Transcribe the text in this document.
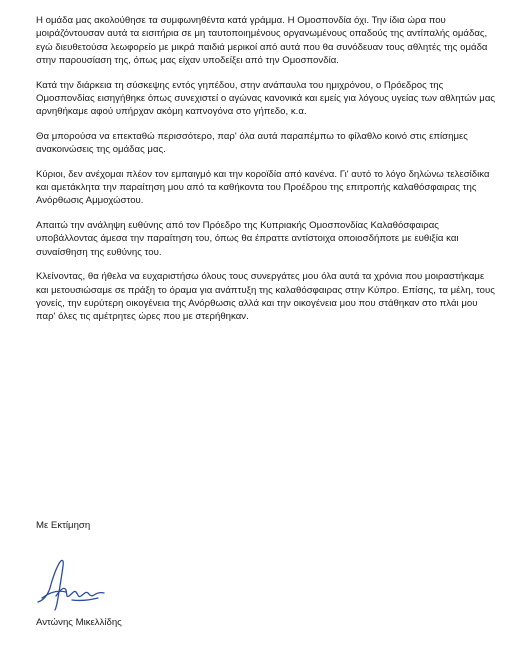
Η ομάδα μας ακολούθησε τα συμφωνηθέντα κατά γράμμα. Η Ομοσπονδία όχι. Την ίδια ώρα που μοιράζόντουσαν αυτά τα εισιτήρια σε μη ταυτοποιημένους οργανωμένους οπαδούς της αντίπαλής ομάδας, εγώ διευθετούσα λεωφορείο με μικρά παιδιά μερικοί από αυτά που θα συνόδευαν τους αθλητές της ομάδα στην παρουσίαση της, όπως μας είχαν υποδείξει από την Ομοσπονδία.

Κατά την διάρκεια τη σύσκεψης εντός γηπέδου, στην ανάπαυλα του ημιχρόνου, ο Πρόεδρος της Ομοσπονδίας εισηγήθηκε όπως συνεχιστεί ο αγώνας κανονικά και εμείς για λόγους υγείας των αθλητών μας αρνηθήκαμε αφού υπήρχαν ακόμη καπνογόνα στο γήπεδο, κ.α.

Θα μπορούσα να επεκταθώ περισσότερο, παρ' όλα αυτά παραπέμπω το φίλαθλο κοινό στις επίσημες ανακοινώσεις της ομάδας μας.

Κύριοι, δεν ανέχομαι πλέον τον εμπαιγμό και την κοροϊδία από κανένα. Γι' αυτό το λόγο δηλώνω τελεσίδικα και αμετάκλητα την παραίτηση μου από τα καθήκοντα του Προέδρου της επιτροπής καλαθόσφαιρας της Ανόρθωσις Αμμοχώστου.

Απαιτώ την ανάληψη ευθύνης από τον Πρόεδρο της Κυπριακής Ομοσπονδίας Καλαθόσφαιρας υποβάλλοντας άμεσα την παραίτηση του, όπως θα έπραττε αντίστοιχα οποιοσδήποτε με ευθιξία και συναίσθηση της ευθύνης του.

Κλείνοντας, θα ήθελα να ευχαριστήσω όλους τους συνεργάτες μου όλα αυτά τα χρόνια που μοιραστήκαμε και μετουσιώσαμε σε πράξη το όραμα για ανάπτυξη της καλαθόσφαιρας στην Κύπρο. Επίσης, τα μέλη, τους γονείς, την ευρύτερη οικογένεια της Ανόρθωσις αλλά και την οικογένεια μου που στάθηκαν στο πλάι μου παρ' όλες τις αμέτρητες ώρες που με στερήθηκαν.

Με Εκτίμηση
Αντώνης Μικελλίδης
